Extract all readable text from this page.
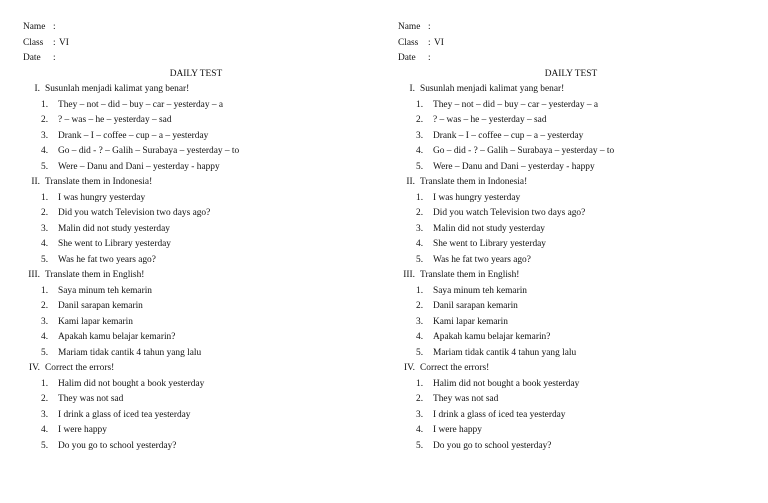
Name :
Class : VI
Date :
DAILY TEST
I. Susunlah menjadi kalimat yang benar!
1. They – not – did – buy – car – yesterday – a
2. ? – was – he – yesterday – sad
3. Drank – I – coffee – cup – a – yesterday
4. Go – did - ? – Galih – Surabaya – yesterday – to
5. Were – Danu and Dani – yesterday - happy
II. Translate them in Indonesia!
1. I was hungry yesterday
2. Did you watch Television two days ago?
3. Malin did not study yesterday
4. She went to Library yesterday
5. Was he fat two years ago?
III. Translate them in English!
1. Saya minum teh kemarin
2. Danil sarapan kemarin
3. Kami lapar kemarin
4. Apakah kamu belajar kemarin?
5. Mariam tidak cantik 4 tahun yang lalu
IV. Correct the errors!
1. Halim did not bought a book yesterday
2. They was not sad
3. I drink a glass of iced tea yesterday
4. I were happy
5. Do you go to school yesterday?
Name :
Class : VI
Date :
DAILY TEST
I. Susunlah menjadi kalimat yang benar!
1. They – not – did – buy – car – yesterday – a
2. ? – was – he – yesterday – sad
3. Drank – I – coffee – cup – a – yesterday
4. Go – did - ? – Galih – Surabaya – yesterday – to
5. Were – Danu and Dani – yesterday - happy
II. Translate them in Indonesia!
1. I was hungry yesterday
2. Did you watch Television two days ago?
3. Malin did not study yesterday
4. She went to Library yesterday
5. Was he fat two years ago?
III. Translate them in English!
1. Saya minum teh kemarin
2. Danil sarapan kemarin
3. Kami lapar kemarin
4. Apakah kamu belajar kemarin?
5. Mariam tidak cantik 4 tahun yang lalu
IV. Correct the errors!
1. Halim did not bought a book yesterday
2. They was not sad
3. I drink a glass of iced tea yesterday
4. I were happy
5. Do you go to school yesterday?
